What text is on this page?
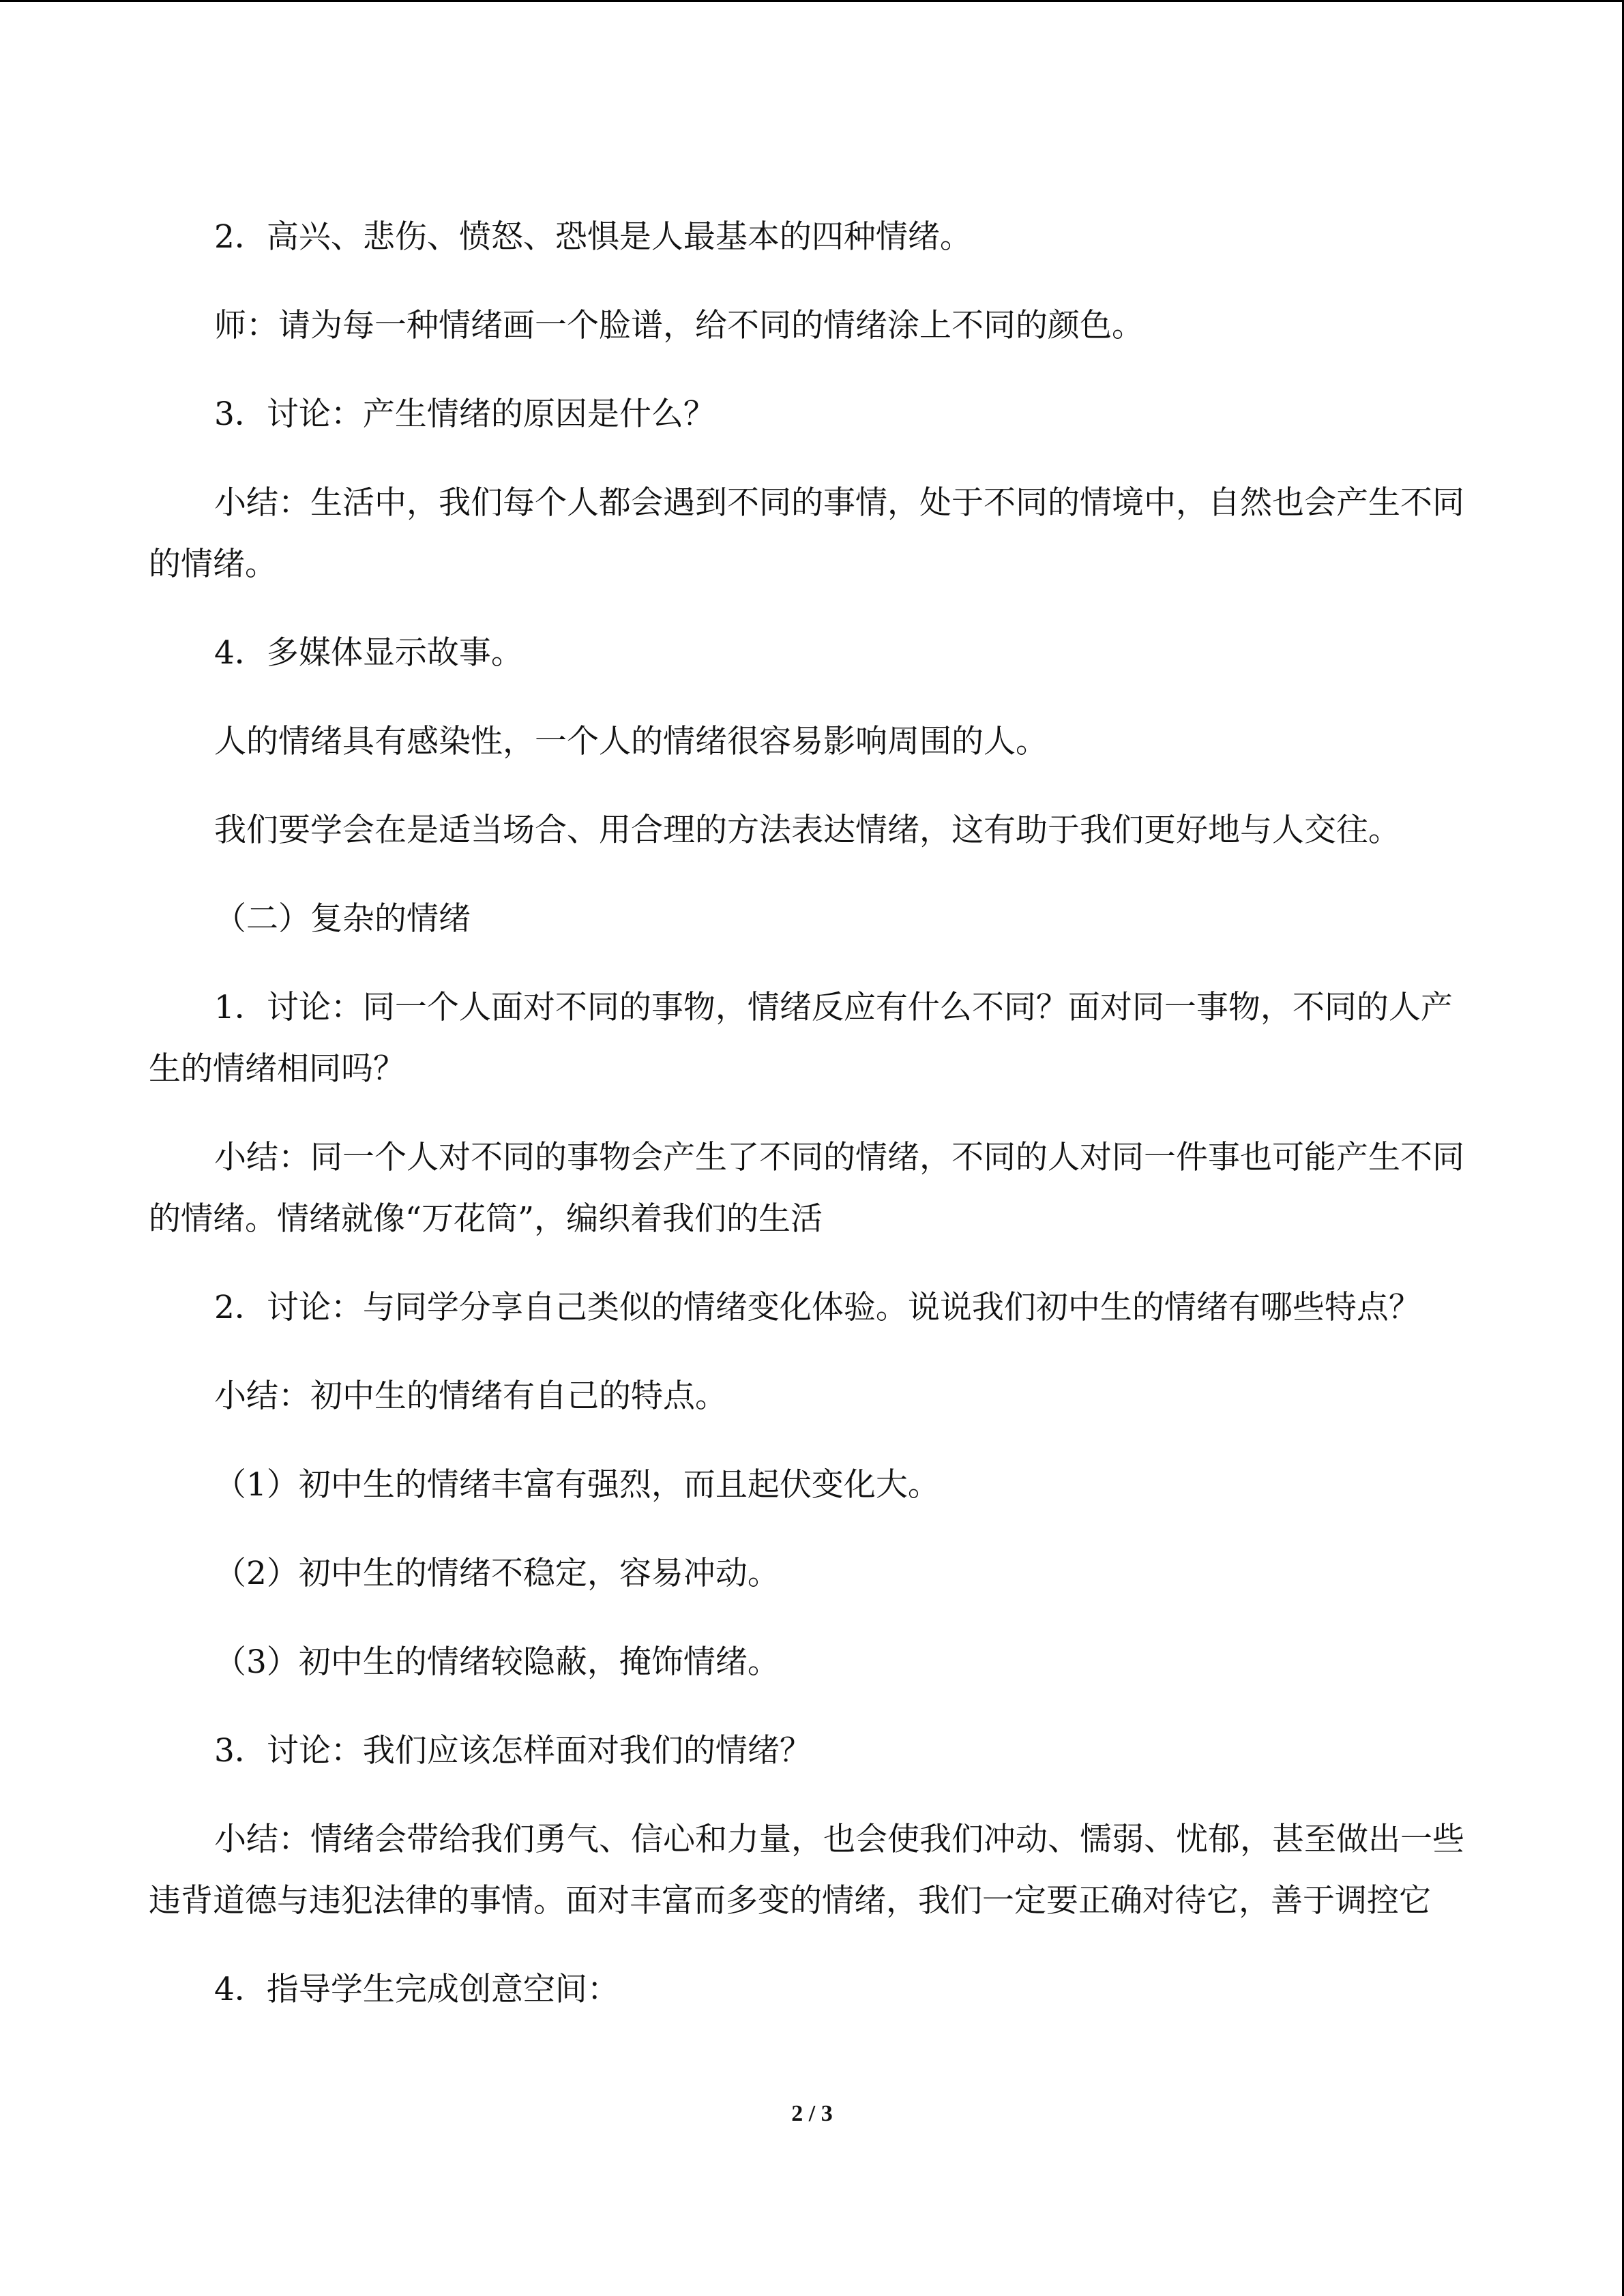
2．高兴、悲伤、愤怒、恐惧是人最基本的四种情绪。

师：请为每一种情绪画一个脸谱，给不同的情绪涂上不同的颜色。

3．讨论：产生情绪的原因是什么？

小结：生活中，我们每个人都会遇到不同的事情，处于不同的情境中，自然也会产生不同的情绪。

4．多媒体显示故事。

人的情绪具有感染性，一个人的情绪很容易影响周围的人。

我们要学会在是适当场合、用合理的方法表达情绪，这有助于我们更好地与人交往。

（二）复杂的情绪

1．讨论：同一个人面对不同的事物，情绪反应有什么不同？面对同一事物，不同的人产生的情绪相同吗？

小结：同一个人对不同的事物会产生了不同的情绪，不同的人对同一件事也可能产生不同的情绪。情绪就像“万花筒”，编织着我们的生活

2．讨论：与同学分享自己类似的情绪变化体验。说说我们初中生的情绪有哪些特点？

小结：初中生的情绪有自己的特点。

（1）初中生的情绪丰富有强烈，而且起伏变化大。

（2）初中生的情绪不稳定，容易冲动。

（3）初中生的情绪较隐蔽，掩饰情绪。

3．讨论：我们应该怎样面对我们的情绪？

小结：情绪会带给我们勇气、信心和力量，也会使我们冲动、懦弱、忧郁，甚至做出一些违背道德与违犯法律的事情。面对丰富而多变的情绪，我们一定要正确对待它，善于调控它

4．指导学生完成创意空间：

2 / 3
